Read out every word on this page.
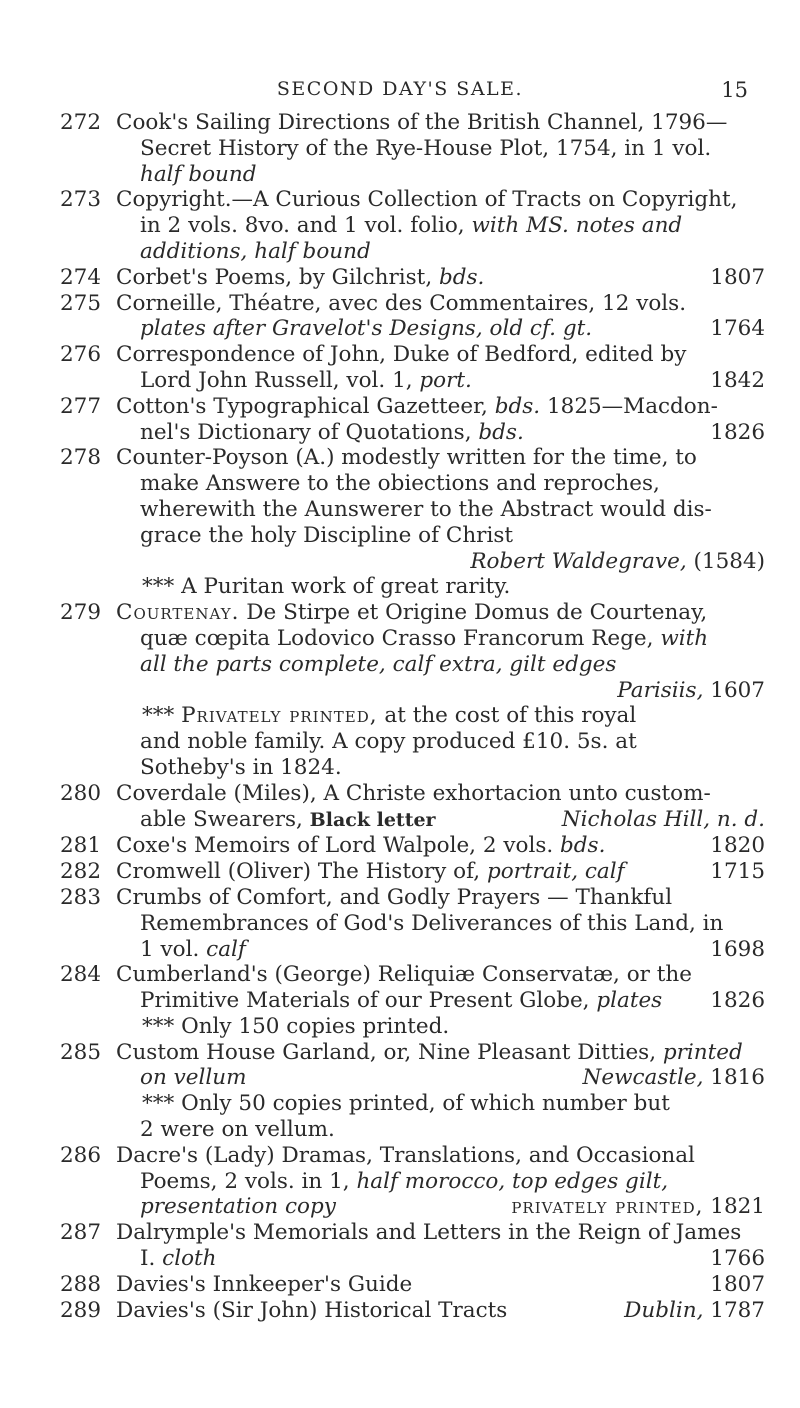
SECOND DAY'S SALE.	15
272 Cook's Sailing Directions of the British Channel, 1796—
Secret History of the Rye-House Plot, 1754, in 1 vol.
half bound
273 Copyright.—A Curious Collection of Tracts on Copyright,
in 2 vols. 8vo. and 1 vol. folio, with MS. notes and
additions, half bound
274 Corbet's Poems, by Gilchrist, bds.	1807
275 Corneille, Théatre, avec des Commentaires, 12 vols.
plates after Gravelot's Designs, old cf. gt.	1764
276 Correspondence of John, Duke of Bedford, edited by
Lord John Russell, vol. 1, port.	1842
277 Cotton's Typographical Gazetteer, bds. 1825—Macdon-
nel's Dictionary of Quotations, bds.	1826
278 Counter-Poyson (A.) modestly written for the time, to
make Answere to the obiections and reproches,
wherewith the Aunswerer to the Abstract would dis-
grace the holy Discipline of Christ
Robert Waldegrave, (1584)
*** A Puritan work of great rarity.
279 Courtenay. De Stirpe et Origine Domus de Courtenay,
quæ cœpita Lodovico Crasso Francorum Rege, with
all the parts complete, calf extra, gilt edges
Parisiis, 1607
*** Privately printed, at the cost of this royal
and noble family. A copy produced £10. 5s. at
Sotheby's in 1824.
280 Coverdale (Miles), A Christe exhortacion unto custom-
able Swearers, Black letter	Nicholas Hill, n. d.
281 Coxe's Memoirs of Lord Walpole, 2 vols. bds.	1820
282 Cromwell (Oliver) The History of, portrait, calf	1715
283 Crumbs of Comfort, and Godly Prayers — Thankful
Remembrances of God's Deliverances of this Land, in
1 vol. calf	1698
284 Cumberland's (George) Reliquiæ Conservatæ, or the
Primitive Materials of our Present Globe, plates 1826
*** Only 150 copies printed.
285 Custom House Garland, or, Nine Pleasant Ditties, printed
on vellum	Newcastle, 1816
*** Only 50 copies printed, of which number but
2 were on vellum.
286 Dacre's (Lady) Dramas, Translations, and Occasional
Poems, 2 vols. in 1, half morocco, top edges gilt,
presentation copy	privately printed, 1821
287 Dalrymple's Memorials and Letters in the Reign of James
I. cloth	1766
288 Davies's Innkeeper's Guide	1807
289 Davies's (Sir John) Historical Tracts	Dublin, 1787
